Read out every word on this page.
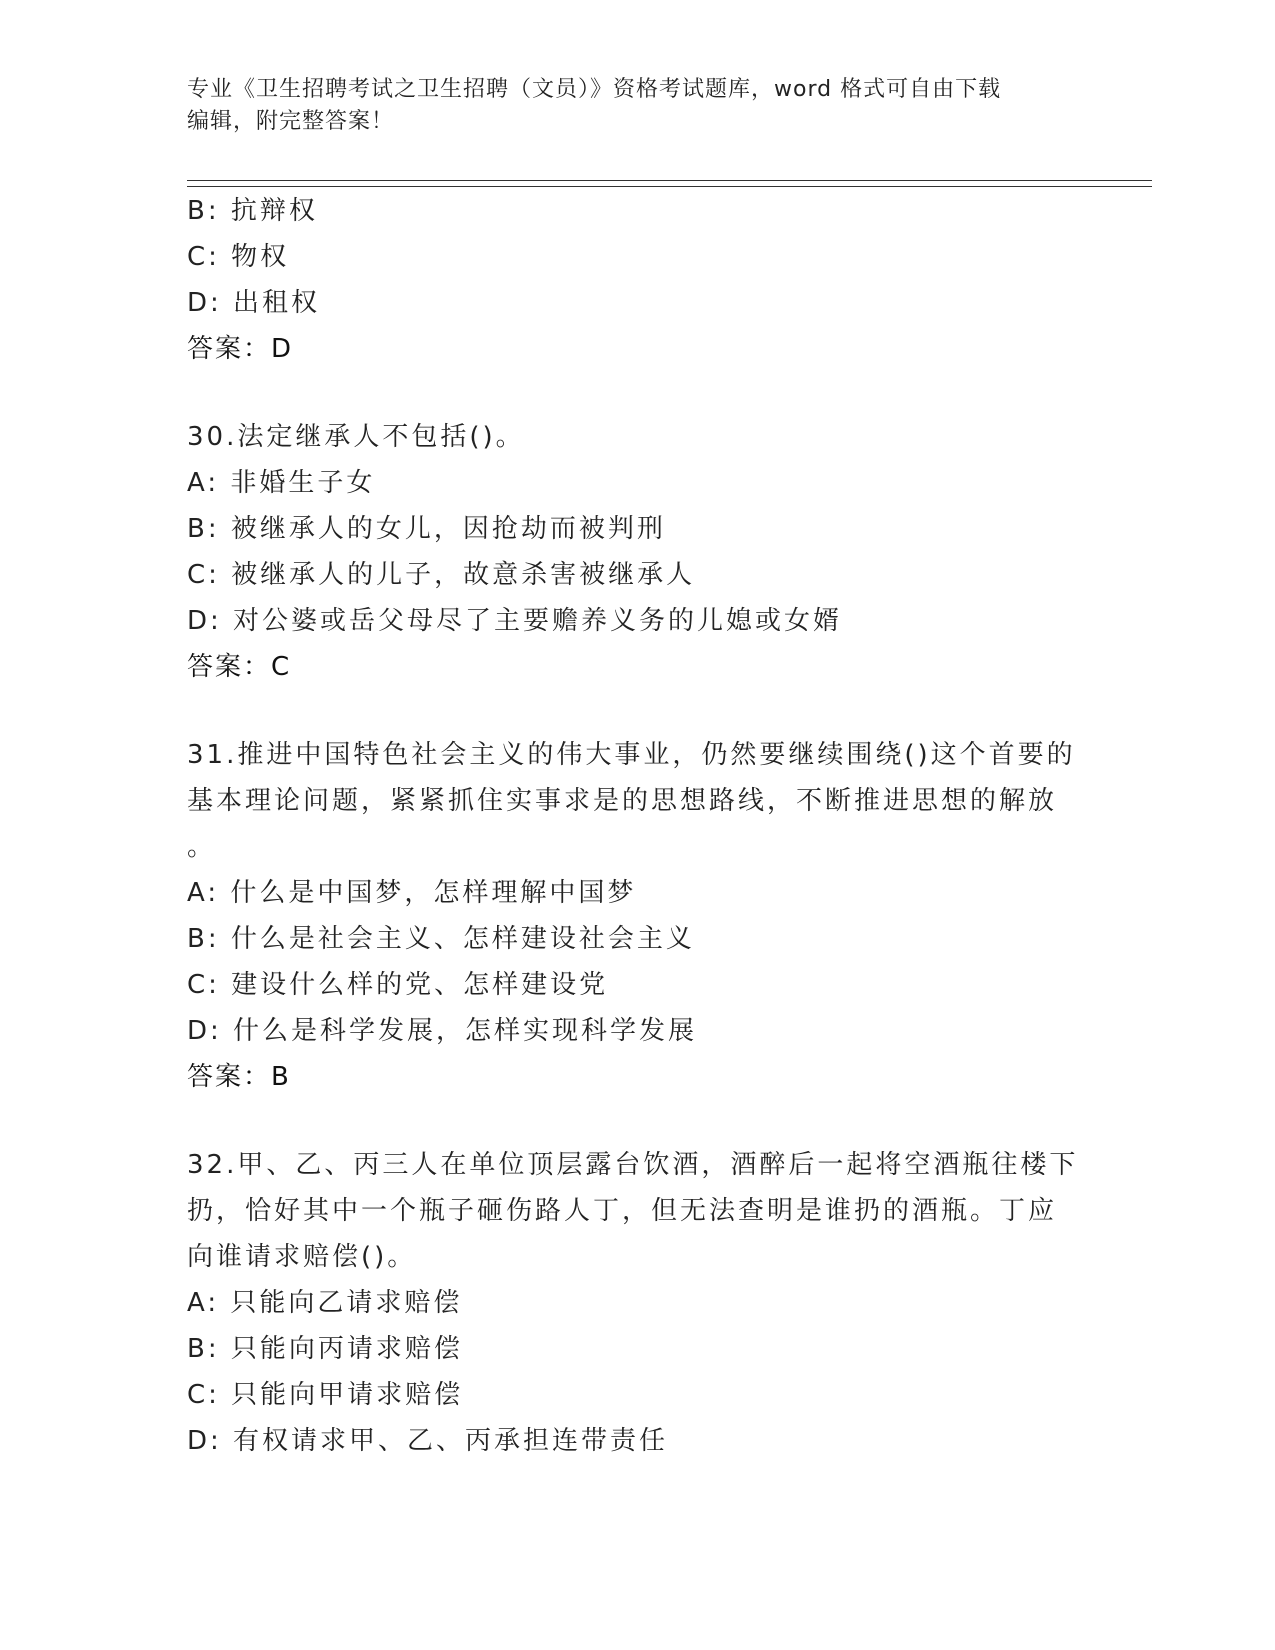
专业《卫生招聘考试之卫生招聘（文员）》资格考试题库，word 格式可自由下载
编辑，附完整答案！
B: 抗辩权
C: 物权
D: 出租权
答案：D
30.法定继承人不包括()。
A: 非婚生子女
B: 被继承人的女儿，因抢劫而被判刑
C: 被继承人的儿子，故意杀害被继承人
D: 对公婆或岳父母尽了主要赡养义务的儿媳或女婿
答案：C
31.推进中国特色社会主义的伟大事业，仍然要继续围绕()这个首要的
基本理论问题，紧紧抓住实事求是的思想路线，不断推进思想的解放
。
A: 什么是中国梦，怎样理解中国梦
B: 什么是社会主义、怎样建设社会主义
C: 建设什么样的党、怎样建设党
D: 什么是科学发展，怎样实现科学发展
答案：B
32.甲、乙、丙三人在单位顶层露台饮酒，酒醉后一起将空酒瓶往楼下
扔，恰好其中一个瓶子砸伤路人丁，但无法查明是谁扔的酒瓶。丁应
向谁请求赔偿()。
A: 只能向乙请求赔偿
B: 只能向丙请求赔偿
C: 只能向甲请求赔偿
D: 有权请求甲、乙、丙承担连带责任
